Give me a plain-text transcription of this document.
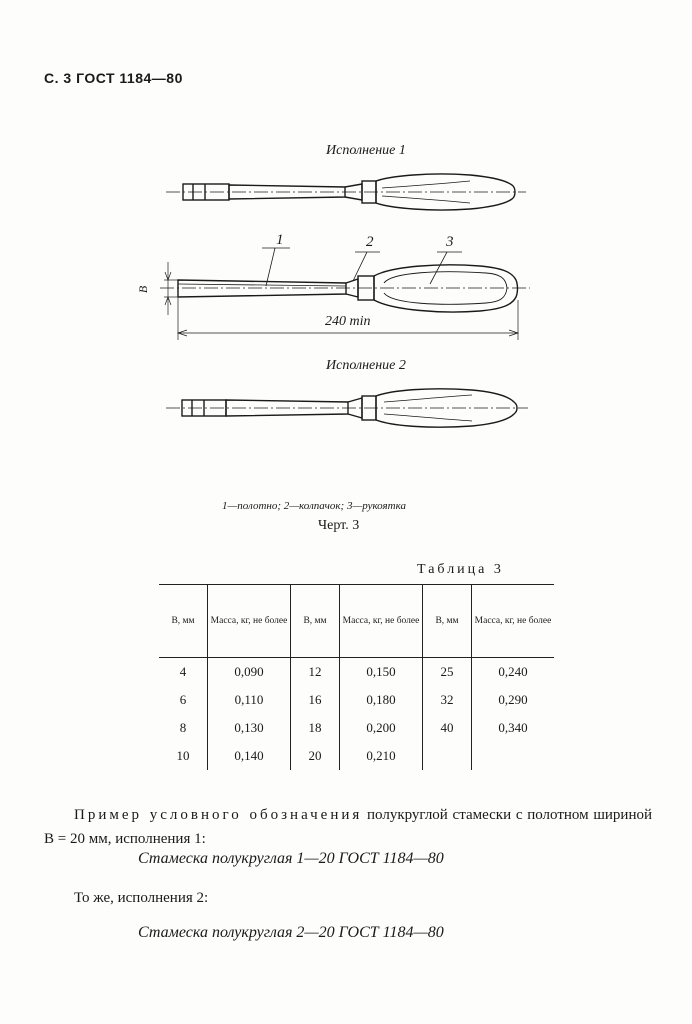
С. 3 ГОСТ 1184—80
Исполнение 1
1	2	3
В
240 min
Исполнение 2
1—полотно; 2—колпачок; 3—рукоятка
Черт. 3
Таблица 3
В, мм	Масса, кг, не более	В, мм	Масса, кг, не более	В, мм	Масса, кг, не более
4	0,090	12	0,150	25	0,240
6	0,110	16	0,180	32	0,290
8	0,130	18	0,200	40	0,340
10	0,140	20	0,210		
Пример условного обозначения полукруглой стамески с полотном шириной B = 20 мм, исполнения 1:
Стамеска полукруглая 1—20 ГОСТ 1184—80
То же, исполнения 2:
Стамеска полукруглая 2—20 ГОСТ 1184—80
